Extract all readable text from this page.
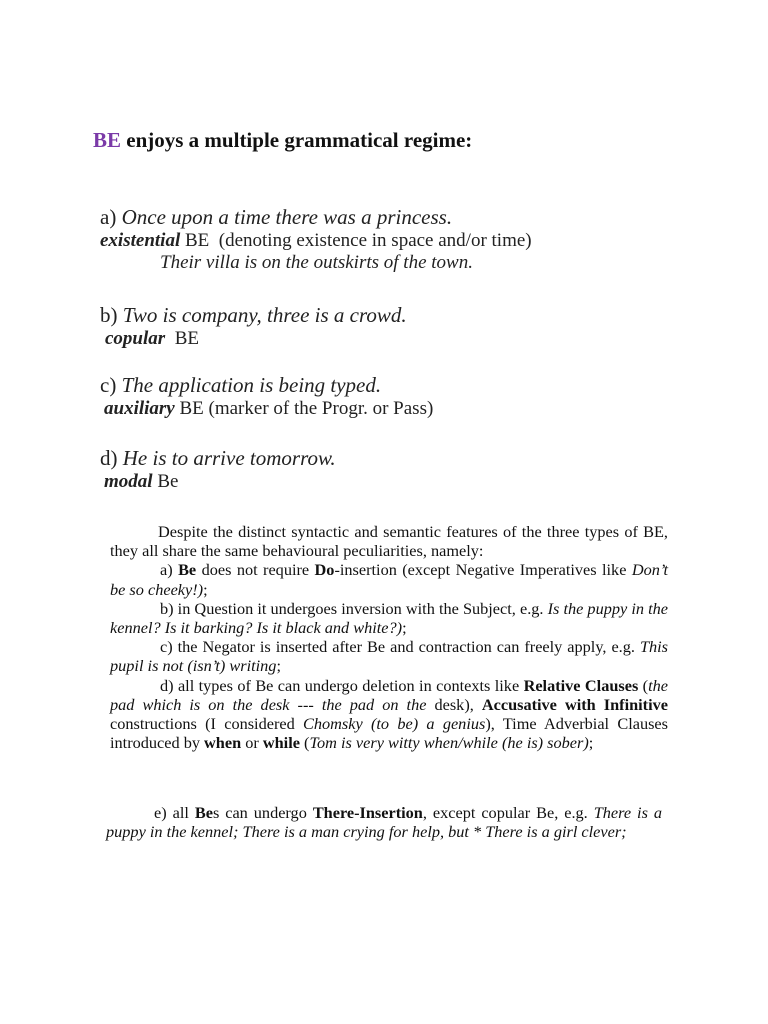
BE enjoys a multiple grammatical regime:
a) Once upon a time there was a princess.
existential BE (denoting existence in space and/or time)
Their villa is on the outskirts of the town.
b) Two is company, three is a crowd.
copular BE
c) The application is being typed.
auxiliary BE (marker of the Progr. or Pass)
d) He is to arrive tomorrow.
modal Be

Despite the distinct syntactic and semantic features of the three types of BE, they all share the same behavioural peculiarities, namely:

a) Be does not require Do-insertion (except Negative Imperatives like Don’t be so cheeky!);

b) in Question it undergoes inversion with the Subject, e.g. Is the puppy in the kennel? Is it barking? Is it black and white?);

c) the Negator is inserted after Be and contraction can freely apply, e.g. This pupil is not (isn’t) writing;

d) all types of Be can undergo deletion in contexts like Relative Clauses (the pad which is on the desk --- the pad on the desk), Accusative with Infinitive constructions (I considered Chomsky (to be) a genius), Time Adverbial Clauses introduced by when or while (Tom is very witty when/while (he is) sober);

e) all Bes can undergo There-Insertion, except copular Be, e.g. There is a puppy in the kennel; There is a man crying for help, but * There is a girl clever;
